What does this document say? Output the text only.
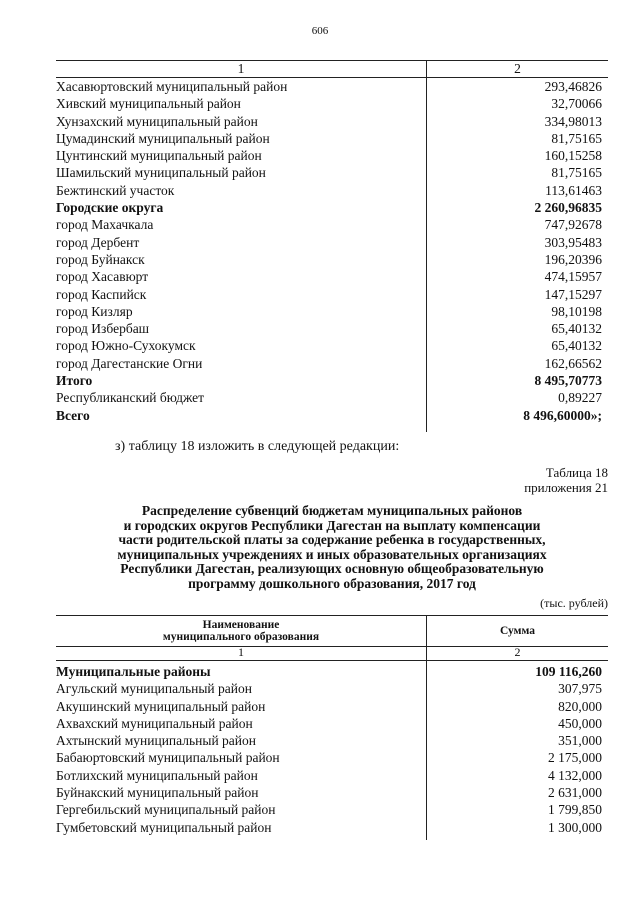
606
1	2
Хасавюртовский муниципальный район	293,46826
Хивский муниципальный район	32,70066
Хунзахский муниципальный район	334,98013
Цумадинский муниципальный район	81,75165
Цунтинский муниципальный район	160,15258
Шамильский муниципальный район	81,75165
Бежтинский участок	113,61463
Городские округа	2 260,96835
город Махачкала	747,92678
город Дербент	303,95483
город Буйнакск	196,20396
город Хасавюрт	474,15957
город Каспийск	147,15297
город Кизляр	98,10198
город Избербаш	65,40132
город Южно-Сухокумск	65,40132
город Дагестанские Огни	162,66562
Итого	8 495,70773
Республиканский бюджет	0,89227
Всего	8 496,60000»;
з) таблицу 18 изложить в следующей редакции:
Таблица 18
приложения 21
Распределение субвенций бюджетам муниципальных районов
и городских округов Республики Дагестан на выплату компенсации
части родительской платы за содержание ребенка в государственных,
муниципальных учреждениях и иных образовательных организациях
Республики Дагестан, реализующих основную общеобразовательную
программу дошкольного образования, 2017 год
(тыс. рублей)
Наименование
муниципального образования	Сумма
1	2
Муниципальные районы	109 116,260
Агульский муниципальный район	307,975
Акушинский муниципальный район	820,000
Ахвахский муниципальный район	450,000
Ахтынский муниципальный район	351,000
Бабаюртовский муниципальный район	2 175,000
Ботлихский муниципальный район	4 132,000
Буйнакский муниципальный район	2 631,000
Гергебильский муниципальный район	1 799,850
Гумбетовский муниципальный район	1 300,000
